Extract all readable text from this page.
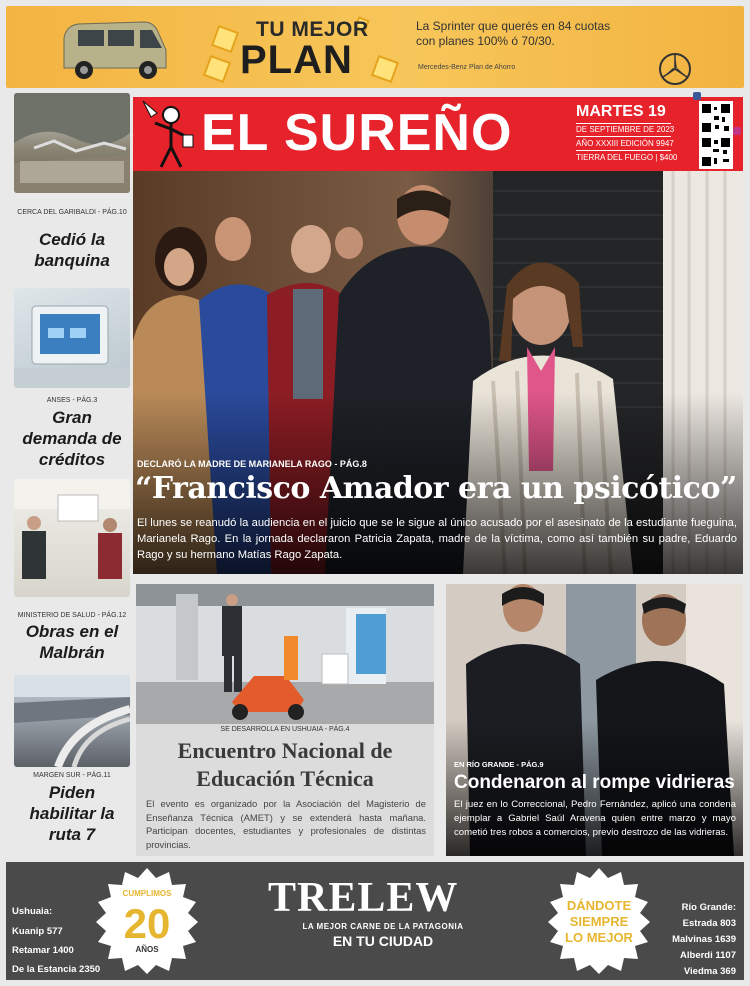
TU MEJOR
PLAN
La Sprinter que querés en 84 cuotas con planes 100% ó 70/30.
Mercedes-Benz Plan de Ahorro
CERCA DEL GARIBALDI - PÁG.10
Cedió la banquina
ANSES - PÁG.3
Gran demanda de créditos
MINISTERIO DE SALUD - PÁG.12
Obras en el Malbrán
MARGEN SUR - PÁG.11
Piden habilitar la ruta 7
EL SUREÑO	MARTES 19
DE SEPTIEMBRE DE 2023
AÑO XXXIII EDICIÓN 9947
TIERRA DEL FUEGO | $400
DECLARÓ LA MADRE DE MARIANELA RAGO - PÁG.8
“Francisco Amador era un psicótico”
El lunes se reanudó la audiencia en el juicio que se le sigue al único acusado por el asesinato de la estudiante fueguina, Marianela Rago. En la jornada declararon Patricia Zapata, madre de la víctima, como así también su padre, Eduardo Rago y su hermano Matías Rago Zapata.
SE DESARROLLA EN USHUAIA - PÁG.4
Encuentro Nacional de
Educación Técnica
El evento es organizado por la Asociación del Magisterio de Enseñanza Técnica (AMET) y se extenderá hasta mañana. Participan docentes, estudiantes y profesionales de distintas provincias.
EN RÍO GRANDE - PÁG.9
Condenaron al rompe vidrieras
El juez en lo Correccional, Pedro Fernández, aplicó una condena ejemplar a Gabriel Saúl Aravena quien entre marzo y mayo cometió tres robos a comercios, previo destrozo de las vidrieras.
Ushuaia:
Kuanip 577
Retamar 1400
De la Estancia 2350
CUMPLIMOS
20
AÑOS
TRELEW
LA MEJOR CARNE DE LA PATAGONIA
EN TU CIUDAD
DÁNDOTE
SIEMPRE
LO MEJOR
Río Grande:
Estrada 803
Malvinas 1639
Alberdi 1107
Viedma 369
